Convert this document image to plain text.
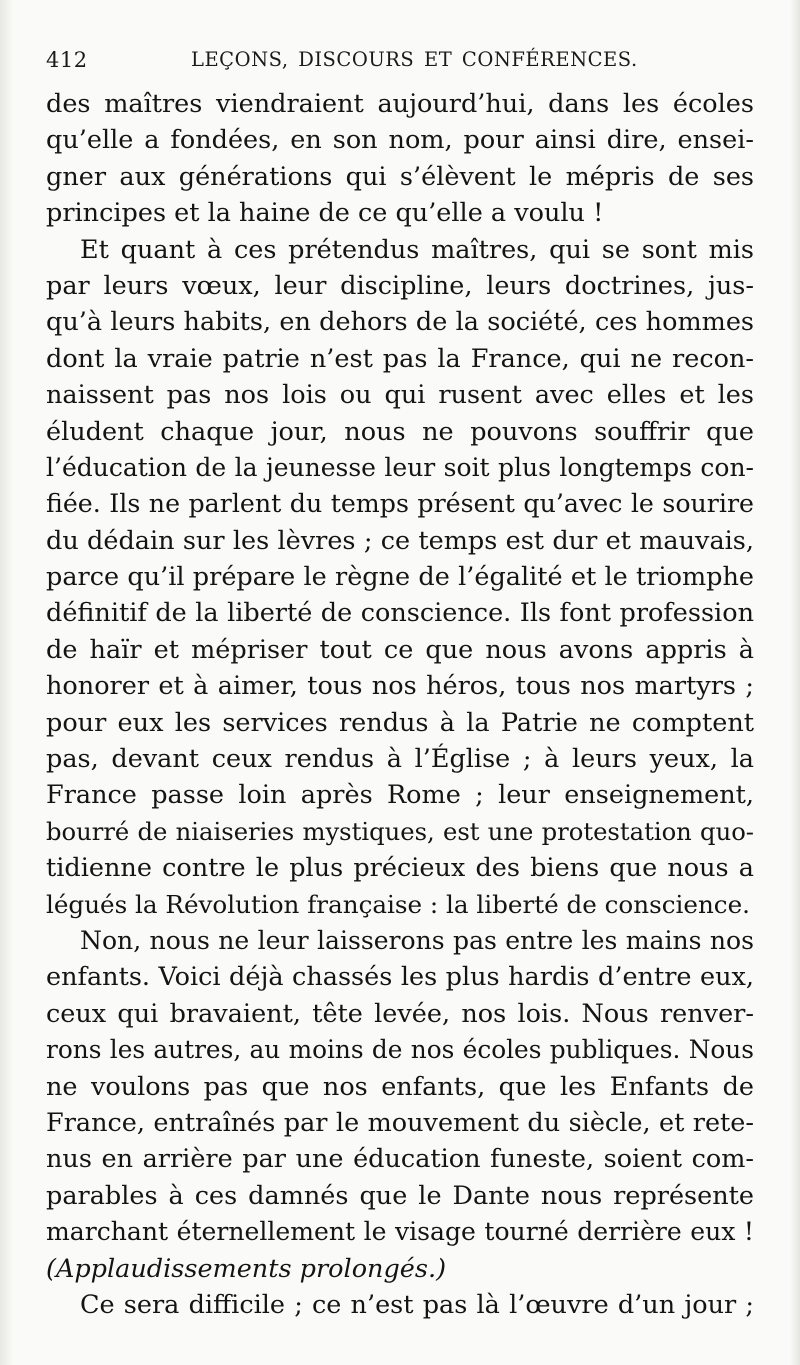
412	LEÇONS, DISCOURS ET CONFÉRENCES.
des maîtres viendraient aujourd’hui, dans les écoles
qu’elle a fondées, en son nom, pour ainsi dire, ensei-
gner aux générations qui s’élèvent le mépris de ses
principes et la haine de ce qu’elle a voulu !
Et quant à ces prétendus maîtres, qui se sont mis
par leurs vœux, leur discipline, leurs doctrines, jus-
qu’à leurs habits, en dehors de la société, ces hommes
dont la vraie patrie n’est pas la France, qui ne recon-
naissent pas nos lois ou qui rusent avec elles et les
éludent chaque jour, nous ne pouvons souffrir que
l’éducation de la jeunesse leur soit plus longtemps con-
fiée. Ils ne parlent du temps présent qu’avec le sourire
du dédain sur les lèvres ; ce temps est dur et mauvais,
parce qu’il prépare le règne de l’égalité et le triomphe
définitif de la liberté de conscience. Ils font profession
de haïr et mépriser tout ce que nous avons appris à
honorer et à aimer, tous nos héros, tous nos martyrs ;
pour eux les services rendus à la Patrie ne comptent
pas, devant ceux rendus à l’Église ; à leurs yeux, la
France passe loin après Rome ; leur enseignement,
bourré de niaiseries mystiques, est une protestation quo-
tidienne contre le plus précieux des biens que nous a
légués la Révolution française : la liberté de conscience.
Non, nous ne leur laisserons pas entre les mains nos
enfants. Voici déjà chassés les plus hardis d’entre eux,
ceux qui bravaient, tête levée, nos lois. Nous renver-
rons les autres, au moins de nos écoles publiques. Nous
ne voulons pas que nos enfants, que les Enfants de
France, entraînés par le mouvement du siècle, et rete-
nus en arrière par une éducation funeste, soient com-
parables à ces damnés que le Dante nous représente
marchant éternellement le visage tourné derrière eux !
(Applaudissements prolongés.)
Ce sera difficile ; ce n’est pas là l’œuvre d’un jour ;
